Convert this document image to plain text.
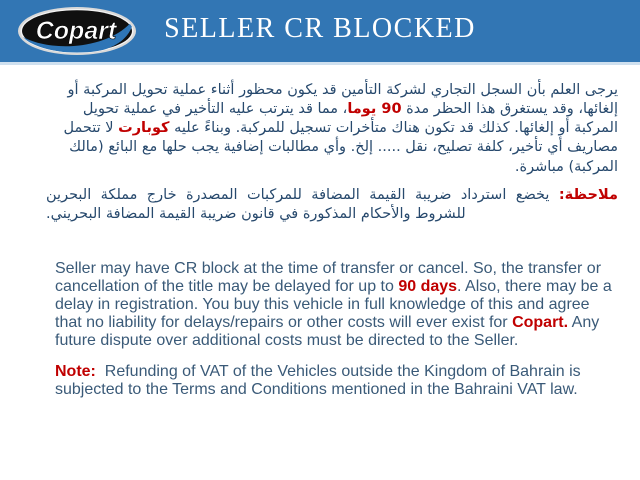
Copart	SELLER CR BLOCKED

يرجى العلم بأن السجل التجاري لشركة التأمين قد يكون محظور أثناء عملية تحويل المركبة أو إلغائها، وقد يستغرق هذا الحظر مدة 90 يوما، مما قد يترتب عليه التأخير في عملية تحويل المركبة أو إلغائها. كذلك قد تكون هناك متأخرات تسجيل للمركبة. وبناءً عليه كوبارت لا تتحمل مصاريف أي تأخير، كلفة تصليح، نقل ..... إلخ. وأي مطالبات إضافية يجب حلها مع البائع (مالك المركبة) مباشرة.

ملاحظة: يخضع استرداد ضريبة القيمة المضافة للمركبات المصدرة خارج مملكة البحرين للشروط والأحكام المذكورة في قانون ضريبة القيمة المضافة البحريني.

Seller may have CR block at the time of transfer or cancel. So, the transfer or cancellation of the title may be delayed for up to 90 days. Also, there may be a delay in registration. You buy this vehicle in full knowledge of this and agree that no liability for delays/repairs or other costs will ever exist for Copart. Any future dispute over additional costs must be directed to the Seller.

Note:  Refunding of VAT of the Vehicles outside the Kingdom of Bahrain is subjected to the Terms and Conditions mentioned in the Bahraini VAT law.
